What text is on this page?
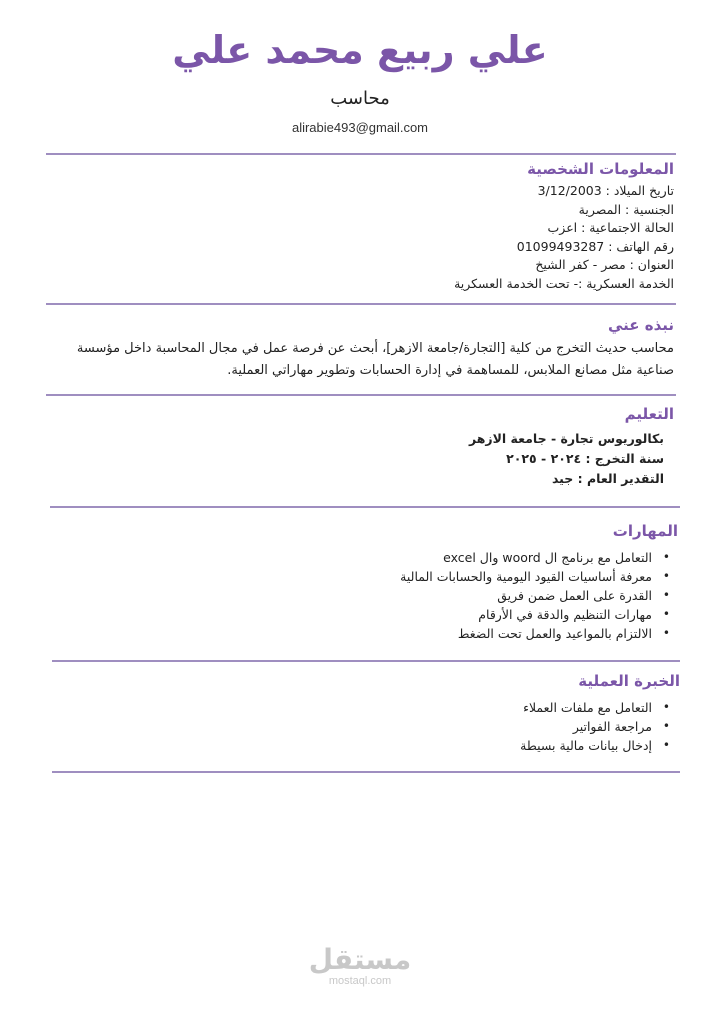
علي ربيع محمد علي
محاسب
alirabie493@gmail.com
المعلومات الشخصية
تاريخ الميلاد : 3/12/2003
الجنسية : المصرية
الحالة الاجتماعية : اعزب
رقم الهاتف : 01099493287
العنوان : مصر - كفر الشيخ
الخدمة العسكرية :- تحت الخدمة العسكرية
نبذه عني
محاسب حديث التخرج من كلية [التجارة/جامعة الازهر]، أبحث عن فرصة عمل في مجال المحاسبة داخل مؤسسة صناعية مثل مصانع الملابس، للمساهمة في إدارة الحسابات وتطوير مهاراتي العملية.
التعليم
بكالوريوس تجارة - جامعة الازهر
سنة التخرج : ٢٠٢٤ - ٢٠٢٥
التقدير العام : جيد
المهارات
•
التعامل مع برنامج ال woord وال excel
•
معرفة أساسيات القيود اليومية والحسابات المالية
•
القدرة على العمل ضمن فريق
•
مهارات التنظيم والدقة في الأرقام
•
الالتزام بالمواعيد والعمل تحت الضغط
الخبرة العملية
•
التعامل مع ملفات العملاء
•
مراجعة الفواتير
•
إدخال بيانات مالية بسيطة
مستقل
mostaql.com
